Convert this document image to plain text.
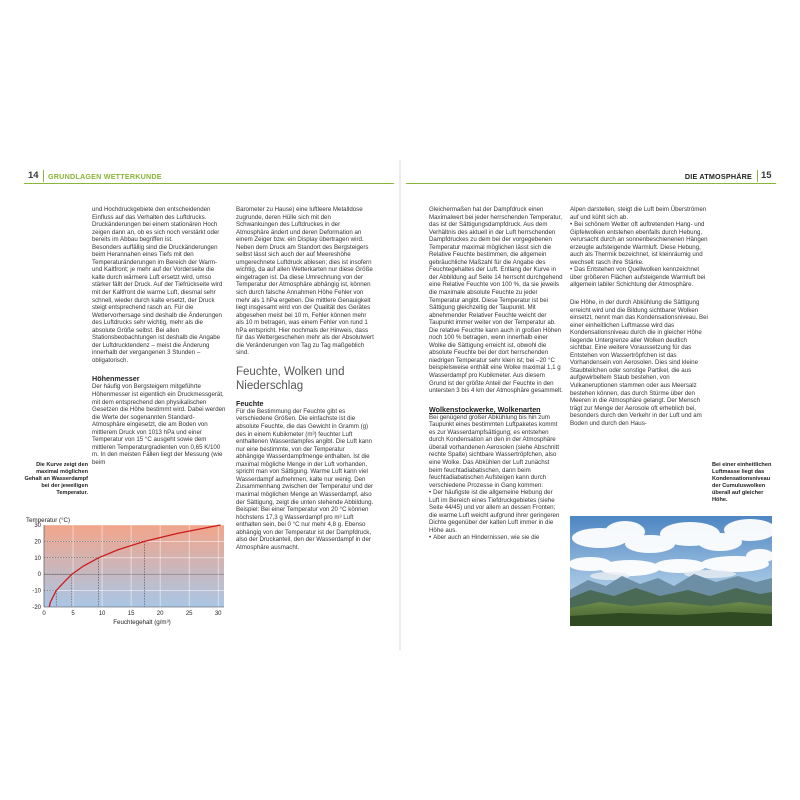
14 GRUNDLAGEN WETTERKUNDE	DIE ATMOSPHÄRE 15

und Hochdruckgebiete den entscheidenden Einfluss auf das Verhalten des Luftdrucks. Druckänderungen bei einem stationären Hoch zeigen dann an, ob es sich noch verstärkt oder bereits im Abbau begriffen ist.

Besonders auffällig sind die Druckänderungen beim Herannahen eines Tiefs mit den Temperaturänderungen im Bereich der Warm- und Kaltfront; je mehr auf der Vorderseite die kalte durch wärmere Luft ersetzt wird, umso stärker fällt der Druck. Auf der Tiefrückseite wird mit der Kaltfront die warme Luft, diesmal sehr schnell, wieder durch kalte ersetzt, der Druck steigt entsprechend rasch an. Für die Wettervorhersage sind deshalb die Änderungen des Luftdrucks sehr wichtig, mehr als die absolute Größe selbst. Bei allen Stationsbeobachtungen ist deshalb die Angabe der Luftdrucktendenz – meist die Änderung innerhalb der vergangenen 3 Stunden – obligatorisch.

Höhenmesser

Der häufig von Bergsteigern mitgeführte Höhenmesser ist eigentlich ein Druckmessgerät, mit dem entsprechend den physikalischen Gesetzen die Höhe bestimmt wird. Dabei werden die Werte der sogenannten Standard-Atmosphäre eingesetzt, die am Boden von mittlerem Druck von 1013 hPa und einer Temperatur von 15 °C ausgeht sowie dem mittleren Temperaturgradienten von 0,65 K/100 m. In den meisten Fällen liegt der Messung (wie beim

Die Kurve zeigt den maximal möglichen Gehalt an Wasserdampf bei der jeweiligen Temperatur.
Temperatur (°C)
-20
-10
0
10
20
30
0	5	10	15	20	25	30
Feuchtegehalt (g/m³)

Barometer zu Hause) eine luftleere Metalldose zugrunde, deren Hülle sich mit den Schwankungen des Luftdruckes in der Atmosphäre ändert und deren Deformation an einem Zeiger bzw. ein Display übertragen wird. Neben dem Druck am Standort des Bergsteigers selbst lässt sich auch der auf Meereshöhe umgerechnete Luftdruck ablesen; dies ist insofern wichtig, da auf allen Wetterkarten nur diese Größe eingetragen ist. Da diese Umrechnung von der Temperatur der Atmosphäre abhängig ist, können sich durch falsche Annahmen Höhe Fehler von mehr als 1 hPa ergeben. Die mittlere Genauigkeit liegt insgesamt wird von der Qualität des Gerätes abgesehen meist bei 10 m, Fehler können mehr als 10 m betragen, was einem Fehler von rund 1 hPa entspricht. Hier nochmals der Hinweis, dass für das Wettergeschehen mehr als der Absolutwert die Veränderungen von Tag zu Tag maßgeblich sind.

Feuchte, Wolken und Niederschlag

Feuchte

Für die Bestimmung der Feuchte gibt es verschiedene Größen. Die einfachste ist die absolute Feuchte, die das Gewicht in Gramm (g) des in einem Kubikmeter (m³) feuchter Luft enthaltenen Wasserdampfes angibt. Die Luft kann nur eine bestimmte, von der Temperatur abhängige Wasserdampfmenge enthalten. Ist die maximal mögliche Menge in der Luft vorhanden, spricht man von Sättigung. Warme Luft kann viel Wasserdampf aufnehmen, kalte nur wenig. Den Zusammenhang zwischen der Temperatur und der maximal möglichen Menge an Wasserdampf, also der Sättigung, zeigt die unten stehende Abbildung. Beispiel: Bei einer Temperatur von 20 °C können höchstens 17,3 g Wasserdampf pro m³ Luft enthalten sein, bei 0 °C nur mehr 4,8 g. Ebenso abhängig von der Temperatur ist der Dampfdruck, also der Druckanteil, den der Wasserdampf in der Atmosphäre ausmacht.

Gleichermaßen hat der Dampfdruck einen Maximalwert bei jeder herrschenden Temperatur, das ist der Sättigungsdampfdruck. Aus dem Verhältnis des aktuell in der Luft herrschenden Dampfdruckes zu dem bei der vorgegebenen Temperatur maximal möglichen lässt sich die Relative Feuchte bestimmen, die allgemein gebräuchliche Maßzahl für die Angabe des Feuchtegehaltes der Luft. Entlang der Kurve in der Abbildung auf Seite 14 herrscht durchgehend eine Relative Feuchte von 100 %, da sie jeweils die maximale absolute Feuchte zu jeder Temperatur angibt. Diese Temperatur ist bei Sättigung gleichzeitig der Taupunkt. Mit abnehmender Relativer Feuchte weicht der Taupunkt immer weiter von der Temperatur ab. Die relative Feuchte kann auch in großen Höhen noch 100 % betragen, wenn innerhalb einer Wolke die Sättigung erreicht ist, obwohl die absolute Feuchte bei der dort herrschenden niedrigen Temperatur sehr klein ist; bei –20 °C beispielsweise enthält eine Wolke maximal 1,1 g Wasserdampf pro Kubikmeter. Aus diesem Grund ist der größte Anteil der Feuchte in den untersten 3 bis 4 km der Atmosphäre gesammelt.

Wolkenstockwerke, Wolkenarten

Bei genügend großer Abkühlung bis hin zum Taupunkt eines bestimmten Luftpaketes kommt es zur Wasserdampfsättigung; es entstehen durch Kondensation an den in der Atmosphäre überall vorhandenen Aerosolen (siehe Abschnitt rechte Spalte) sichtbare Wassertröpfchen, also eine Wolke. Das Abkühlen der Luft zunächst beim feuchtadiabatischen, dann beim feuchtadiabatischen Aufsteigen kann durch verschiedene Prozesse in Gang kommen:

• Der häufigste ist die allgemeine Hebung der Luft im Bereich eines Tiefdruckgebietes (siehe Seite 44/45) und vor allem an dessen Fronten; die warme Luft weicht aufgrund ihrer geringeren Dichte gegenüber der kalten Luft immer in die Höhe aus.

• Aber auch an Hindernissen, wie sie die

Alpen darstellen, steigt die Luft beim Überströmen auf und kühlt sich ab.

• Bei schönem Wetter oft auftretenden Hang- und Gipfelwolken entstehen ebenfalls durch Hebung, verursacht durch an sonnenbeschienenen Hängen erzeugte aufsteigende Warmluft. Diese Hebung, auch als Thermik bezeichnet, ist kleinräumig und wechselt rasch ihre Stärke.

• Das Entstehen von Quellwolken kennzeichnet über größeren Flächen aufsteigende Warmluft bei allgemein labiler Schichtung der Atmosphäre.

Die Höhe, in der durch Abkühlung die Sättigung erreicht wird und die Bildung sichtbarer Wolken einsetzt, nennt man das Kondensationsniveau. Bei einer einheitlichen Luftmasse wird das Kondensationsniveau durch die in gleicher Höhe liegende Untergrenze aller Wolken deutlich sichtbar. Eine weitere Voraussetzung für das Entstehen von Wassertröpfchen ist das Vorhandensein von Aerosolen. Dies sind kleine Staubteilchen oder sonstige Partikel, die aus aufgewirbeltem Staub bestehen, von Vulkaneruptionen stammen oder aus Meersalz bestehen können, das durch Stürme über den Meeren in die Atmosphäre gelangt. Der Mensch trägt zur Menge der Aerosole oft erheblich bei, besonders durch den Verkehr in der Luft und am Boden und durch den Haus-

Bei einer einheitlichen Luftmasse liegt das Kondensationsniveau der Cumuluswolken überall auf gleicher Höhe.
